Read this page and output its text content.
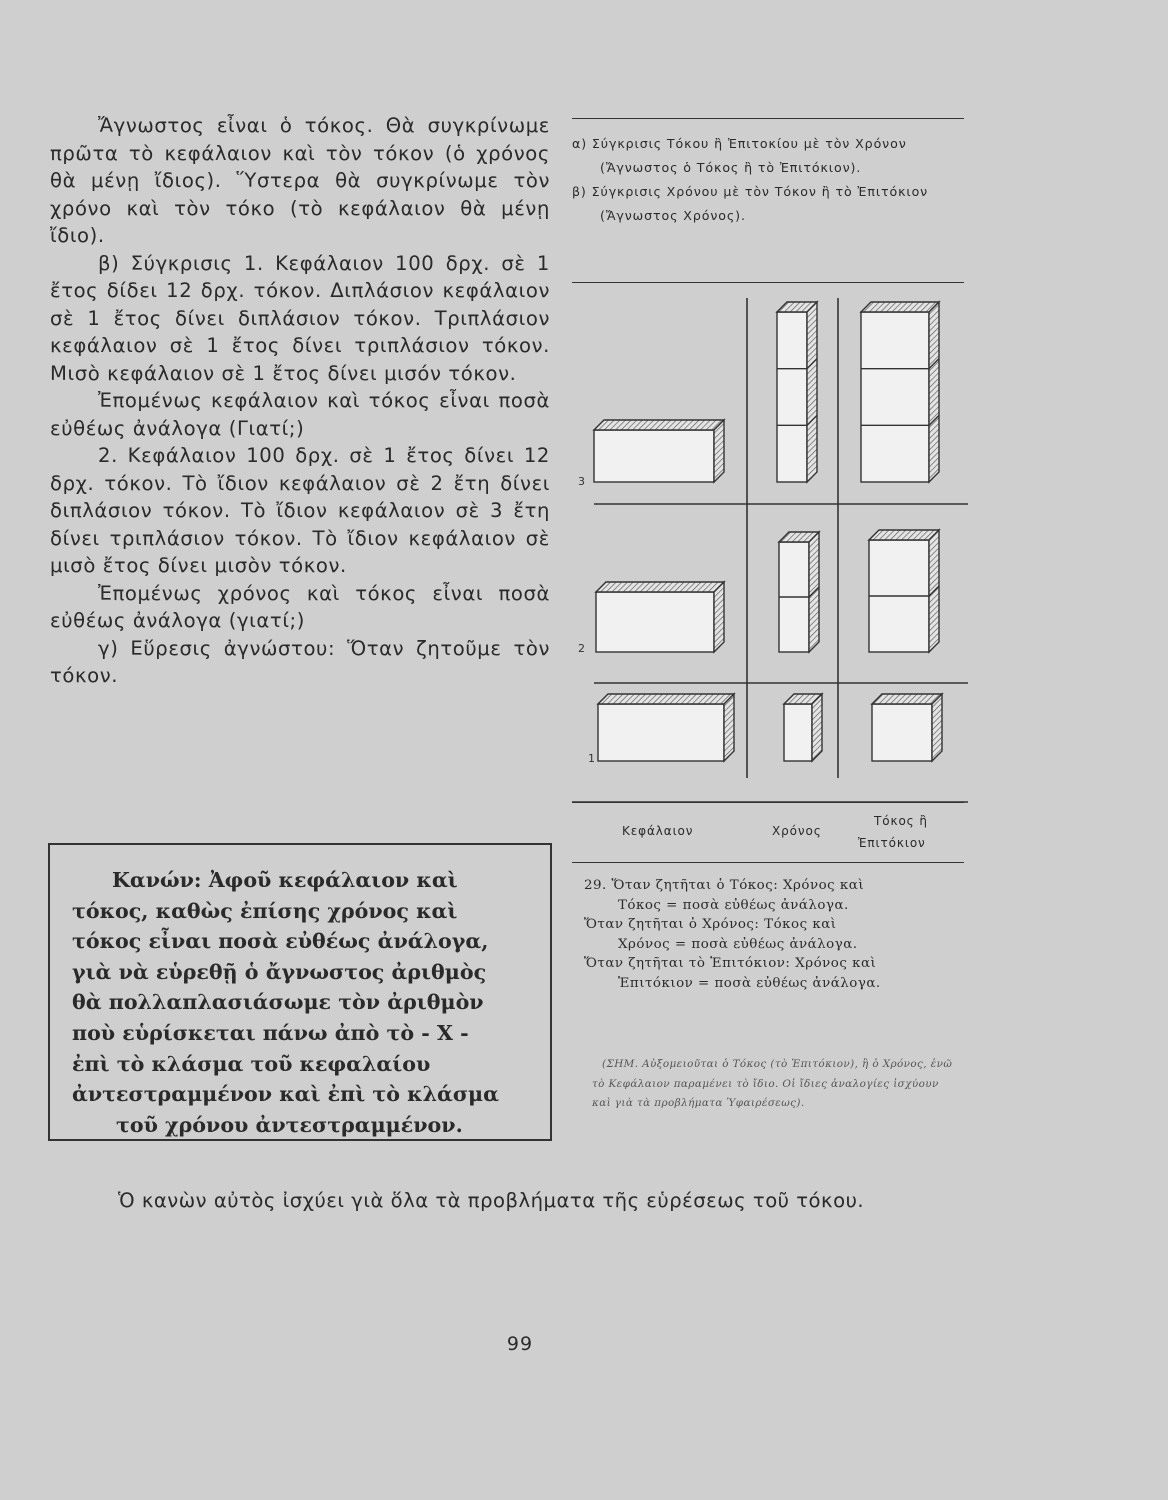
Ἄγνωστος εἶναι ὁ τόκος. Θὰ συγκρίνωμε πρῶτα τὸ κεφάλαιον καὶ τὸν τόκον (ὁ χρόνος θὰ μένῃ ἴδιος). Ὕστερα θὰ συγκρίνωμε τὸν χρόνο καὶ τὸν τόκο (τὸ κεφάλαιον θὰ μένῃ ἴδιο).

β) Σύγκρισις 1. Κεφάλαιον 100 δρχ. σὲ 1 ἔτος δίδει 12 δρχ. τόκον. Διπλάσιον κεφάλαιον σὲ 1 ἔτος δίνει διπλάσιον τόκον. Τριπλάσιον κεφάλαιον σὲ 1 ἔτος δίνει τριπλάσιον τόκον. Μισὸ κεφάλαιον σὲ 1 ἔτος δίνει μισόν τόκον.

Ἐπομένως κεφάλαιον καὶ τόκος εἶναι ποσὰ εὐθέως ἀνάλογα (Γιατί;)

2. Κεφάλαιον 100 δρχ. σὲ 1 ἔτος δίνει 12 δρχ. τόκον. Τὸ ἴδιον κεφάλαιον σὲ 2 ἔτη δίνει διπλάσιον τόκον. Τὸ ἴδιον κεφάλαιον σὲ 3 ἔτη δίνει τριπλάσιον τόκον. Τὸ ἴδιον κεφάλαιον σὲ μισὸ ἔτος δίνει μισὸν τόκον.

Ἐπομένως χρόνος καὶ τόκος εἶναι ποσὰ εὐθέως ἀνάλογα (γιατί;)

γ) Εὕρεσις ἀγνώστου: Ὅταν ζητοῦμε τὸν τόκον.

Κανών: Ἀφοῦ κεφάλαιον καὶ
τόκος, καθὼς ἐπίσης χρόνος καὶ
τόκος εἶναι ποσὰ εὐθέως ἀνάλογα,
γιὰ νὰ εὑρεθῇ ὁ ἄγνωστος ἀριθμὸς
θὰ πολλαπλασιάσωμε τὸν ἀριθμὸν
ποὺ εὑρίσκεται πάνω ἀπὸ τὸ - Χ -
ἐπὶ τὸ κλάσμα τοῦ κεφαλαίου
ἀντεστραμμένον καὶ ἐπὶ τὸ κλάσμα
τοῦ χρόνου ἀντεστραμμένον.
α) Σύγκρισις Τόκου ἢ Ἐπιτοκίου μὲ τὸν Χρόνον (Ἄγνωστος ὁ Τόκος ἢ τὸ Ἐπιτόκιον).
β) Σύγκρισις Χρόνου μὲ τὸν Τόκον ἢ τὸ Ἐπιτόκιον (Ἄγνωστος Χρόνος).
3
2
1
Κεφάλαιον	Χρόνος
Τόκος ἢ
Ἐπιτόκιον
29. Ὅταν ζητῆται ὁ Τόκος: Χρόνος καὶ
Τόκος = ποσὰ εὐθέως ἀνάλογα.
Ὅταν ζητῆται ὁ Χρόνος: Τόκος καὶ
Χρόνος = ποσὰ εὐθέως ἀνάλογα.
Ὅταν ζητῆται τὸ Ἐπιτόκιον: Χρόνος καὶ
Ἐπιτόκιον = ποσὰ εὐθέως ἀνάλογα.
(ΣΗΜ. Αὐξομειοῦται ὁ Τόκος (τὸ Ἐπιτόκιον), ἢ ὁ Χρόνος, ἐνῶ τὸ Κεφάλαιον παραμένει τὸ ἴδιο. Οἱ ἴδιες ἀναλογίες ἰσχύουν καὶ γιὰ τὰ προβλήματα Ὑφαιρέσεως).

Ὁ κανὼν αὐτὸς ἰσχύει γιὰ ὅλα τὰ προβλήματα τῆς εὑρέσεως τοῦ τόκου.

99
